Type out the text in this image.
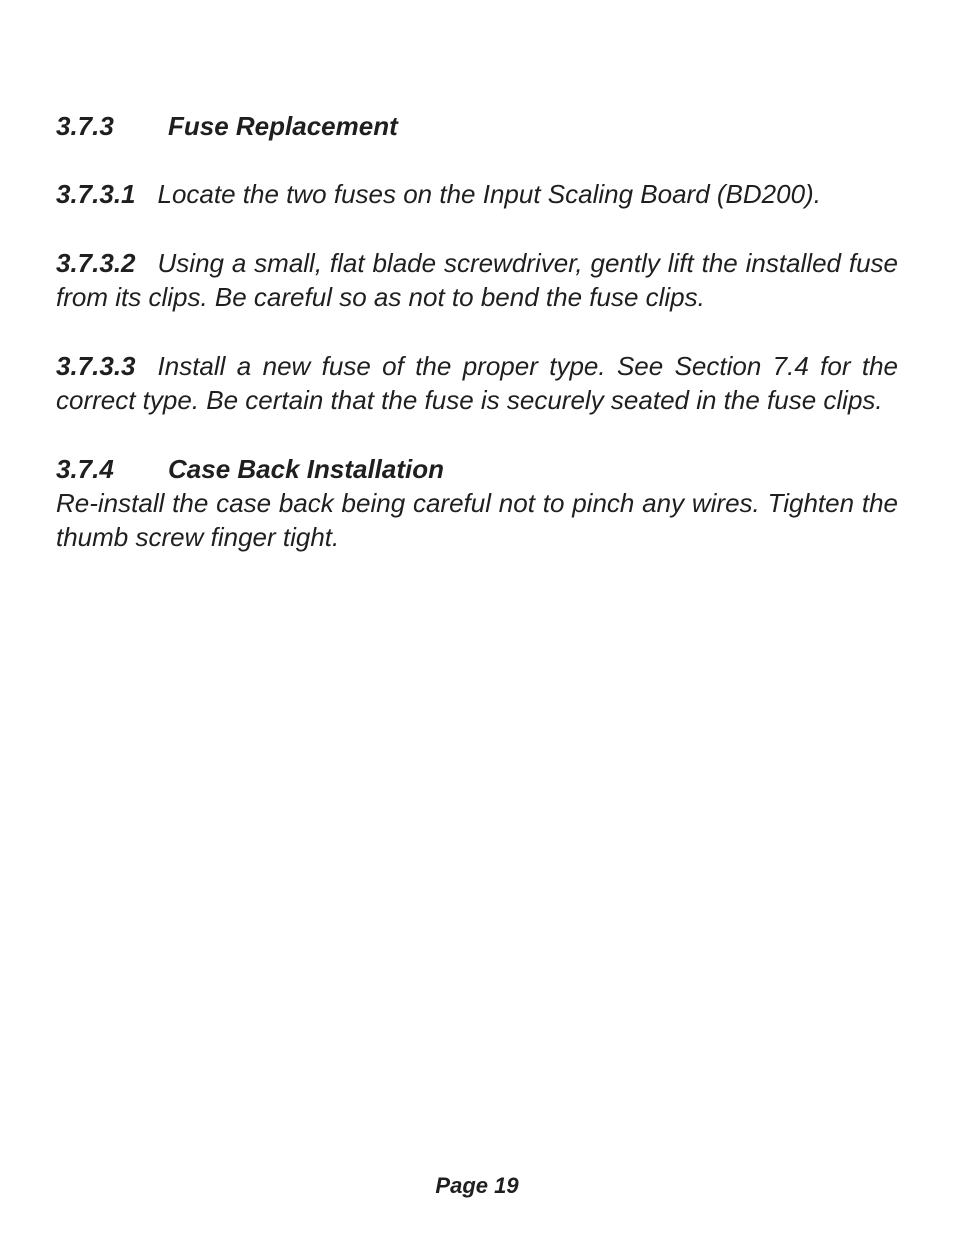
3.7.3 Fuse Replacement

3.7.3.1 Locate the two fuses on the Input Scaling Board (BD200).

3.7.3.2 Using a small, flat blade screwdriver, gently lift the installed fuse from its clips. Be careful so as not to bend the fuse clips.

3.7.3.3 Install a new fuse of the proper type. See Section 7.4 for the correct type. Be certain that the fuse is securely seated in the fuse clips.

3.7.4 Case Back Installation

Re-install the case back being careful not to pinch any wires. Tighten the thumb screw finger tight.

Page 19
